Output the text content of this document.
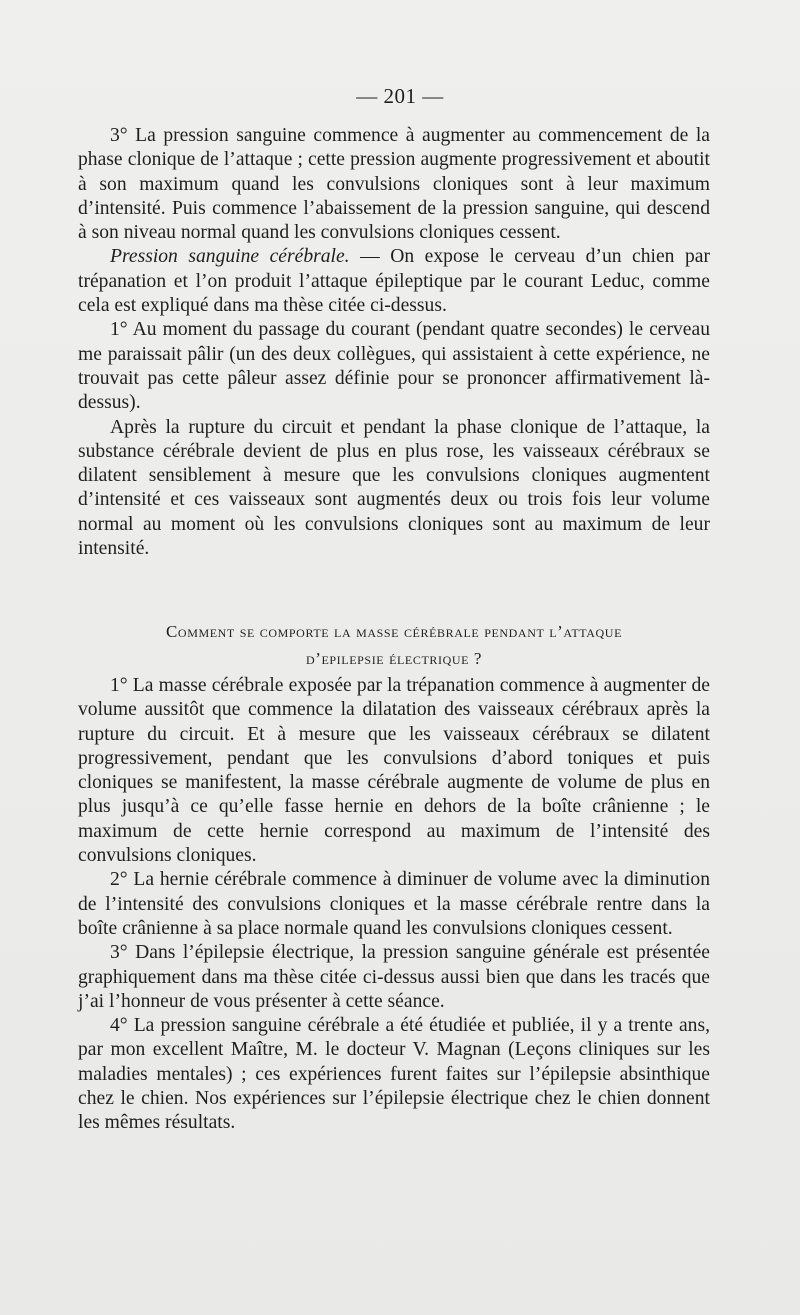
— 201 —

3° La pression sanguine commence à augmenter au commencement de la phase clonique de l’attaque ; cette pression augmente progressivement et aboutit à son maximum quand les convulsions cloniques sont à leur maximum d’intensité. Puis commence l’abaissement de la pression sanguine, qui descend à son niveau normal quand les convulsions cloniques cessent.

Pression sanguine cérébrale. — On expose le cerveau d’un chien par trépanation et l’on produit l’attaque épileptique par le courant Leduc, comme cela est expliqué dans ma thèse citée ci-dessus.

1° Au moment du passage du courant (pendant quatre secondes) le cerveau me paraissait pâlir (un des deux collègues, qui assistaient à cette expérience, ne trouvait pas cette pâleur assez définie pour se prononcer affirmativement là-dessus).

Après la rupture du circuit et pendant la phase clonique de l’attaque, la substance cérébrale devient de plus en plus rose, les vaisseaux cérébraux se dilatent sensiblement à mesure que les convulsions cloniques augmentent d’intensité et ces vaisseaux sont augmentés deux ou trois fois leur volume normal au moment où les convulsions cloniques sont au maximum de leur intensité.

Comment se comporte la masse cérébrale pendant l’attaque
d’epilepsie électrique ?

1° La masse cérébrale exposée par la trépanation commence à augmenter de volume aussitôt que commence la dilatation des vaisseaux cérébraux après la rupture du circuit. Et à mesure que les vaisseaux cérébraux se dilatent progressivement, pendant que les convulsions d’abord toniques et puis cloniques se manifestent, la masse cérébrale augmente de volume de plus en plus jusqu’à ce qu’elle fasse hernie en dehors de la boîte crânienne ; le maximum de cette hernie correspond au maximum de l’intensité des convulsions cloniques.

2° La hernie cérébrale commence à diminuer de volume avec la diminution de l’intensité des convulsions cloniques et la masse cérébrale rentre dans la boîte crânienne à sa place normale quand les convulsions cloniques cessent.

3° Dans l’épilepsie électrique, la pression sanguine générale est présentée graphiquement dans ma thèse citée ci-dessus aussi bien que dans les tracés que j’ai l’honneur de vous présenter à cette séance.

4° La pression sanguine cérébrale a été étudiée et publiée, il y a trente ans, par mon excellent Maître, M. le docteur V. Magnan (Leçons cliniques sur les maladies mentales) ; ces expériences furent faites sur l’épilepsie absinthique chez le chien. Nos expériences sur l’épilepsie électrique chez le chien donnent les mêmes résultats.
